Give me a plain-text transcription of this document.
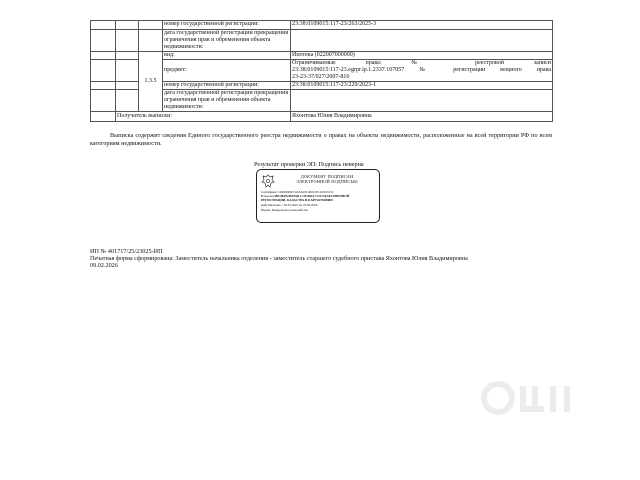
			номер государственной регистрации:	23:38:0109015:117-23/263/2025-3
			дата государственной регистрации прекращения ограничения прав и обременения объекта недвижимости:	
		1.3.5	вид:	Ипотека (022007000000)
			предмет:	Ограничиваемые права: № реестровой записи
23:38:0109015:117-23.egrpr.ip.1.2337.107057 № регистрации вещного права
23-23-37/027/2007-816

			номер государственной регистрации:	23:38:0109015:117-23/229/2023-1
			дата государственной регистрации прекращения ограничения прав и обременения объекта недвижимости:	
	Получатель выписки:			Яхонтова Юлия Владимировна
Выписка содержит сведения Единого государственного реестра недвижимости о правах на объекты недвижимости, расположенные на всей территории РФ по всем категориям недвижимости.
Результат проверки ЭП: Подпись неверна
ДОКУМЕНТ ПОДПИСАН
ЭЛЕКТРОННОЙ ПОДПИСЬЮ
Сертификат: 4D02698013165A29C49012E1A331E25C
Владелец:ФЕДЕРАЛЬНАЯ СЛУЖБА ГОСУДАРСТВЕННОЙ
РЕГИСТРАЦИИ, КАДАСТРА И КАРТОГРАФИИ
Действителен: с 02.07.2025 по 25.09.2026
Выдан: Федеральное казначейство
ИП № 401717/25/23025-ИП
Печатная форма сформирована: Заместитель начальника отделения - заместитель старшего судебного пристава Яхонтова Юлия Владимировна
09.02.2026
